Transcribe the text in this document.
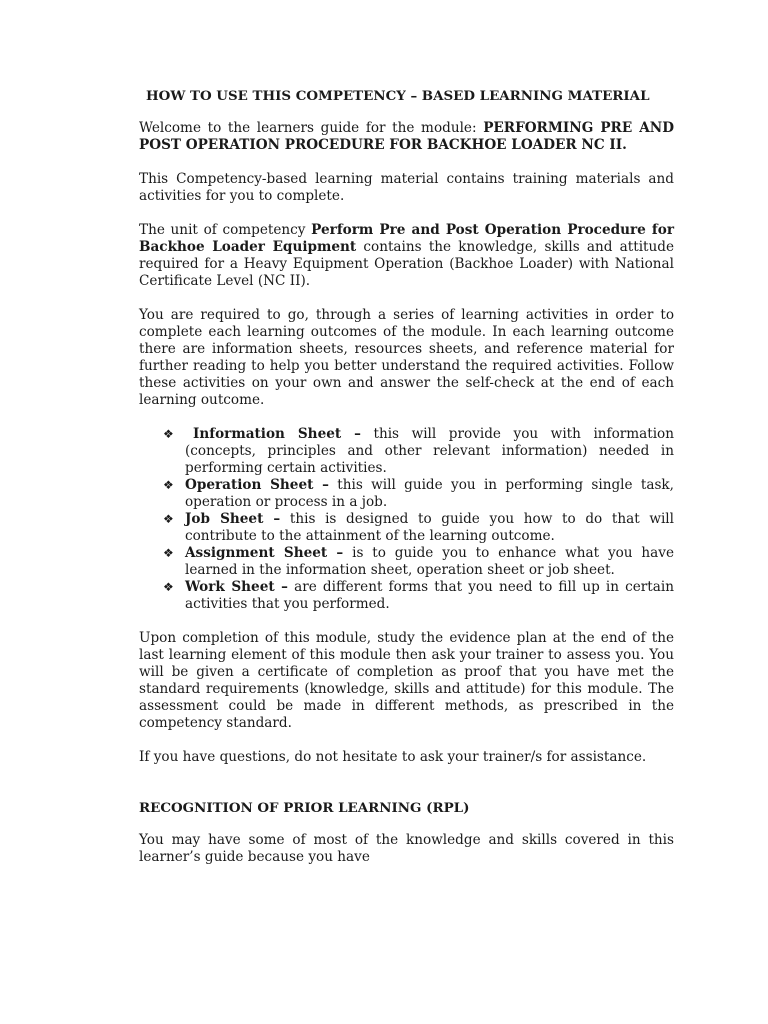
HOW TO USE THIS COMPETENCY – BASED LEARNING MATERIAL

Welcome to the learners guide for the module: PERFORMING PRE AND POST OPERATION PROCEDURE FOR BACKHOE LOADER NC II.

This Competency-based learning material contains training materials and activities for you to complete.

The unit of competency Perform Pre and Post Operation Procedure for Backhoe Loader Equipment contains the knowledge, skills and attitude required for a Heavy Equipment Operation (Backhoe Loader) with National Certificate Level (NC II).

You are required to go, through a series of learning activities in order to complete each learning outcomes of the module. In each learning outcome there are information sheets, resources sheets, and reference material for further reading to help you better understand the required activities. Follow these activities on your own and answer the self-check at the end of each learning outcome.

❖ Information Sheet – this will provide you with information (concepts, principles and other relevant information) needed in performing certain activities.
❖ Operation Sheet – this will guide you in performing single task, operation or process in a job.
❖ Job Sheet – this is designed to guide you how to do that will contribute to the attainment of the learning outcome.
❖ Assignment Sheet – is to guide you to enhance what you have learned in the information sheet, operation sheet or job sheet.
❖ Work Sheet – are different forms that you need to fill up in certain activities that you performed.

Upon completion of this module, study the evidence plan at the end of the last learning element of this module then ask your trainer to assess you. You will be given a certificate of completion as proof that you have met the standard requirements (knowledge, skills and attitude) for this module. The assessment could be made in different methods, as prescribed in the competency standard.

If you have questions, do not hesitate to ask your trainer/s for assistance.

RECOGNITION OF PRIOR LEARNING (RPL)

You may have some of most of the knowledge and skills covered in this learner’s guide because you have
